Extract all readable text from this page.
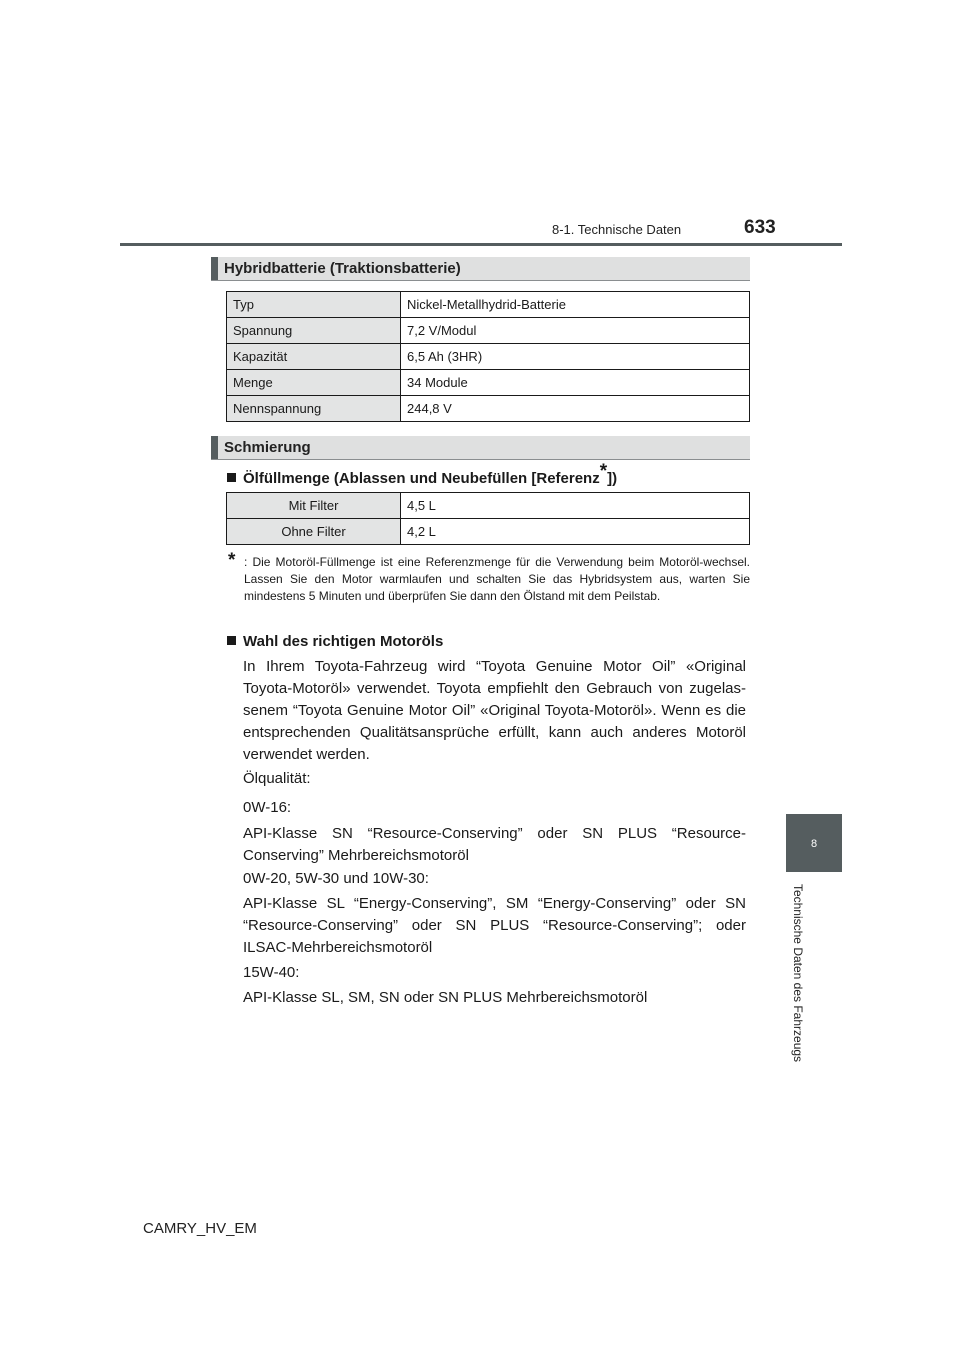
8-1. Technische Daten	633
8
Technische Daten des Fahrzeugs
Hybridbatterie (Traktionsbatterie)
Typ	Nickel-Metallhydrid-Batterie
Spannung	7,2 V/Modul
Kapazität	6,5 Ah (3HR)
Menge	34 Module
Nennspannung	244,8 V
Schmierung
Ölfüllmenge (Ablassen und Neubefüllen [Referenz*])
Mit Filter	4,5 L
Ohne Filter	4,2 L
* : Die Motoröl-Füllmenge ist eine Referenzmenge für die Verwendung beim Motoröl-wechsel. Lassen Sie den Motor warmlaufen und schalten Sie das Hybridsystem aus, warten Sie mindestens 5 Minuten und überprüfen Sie dann den Ölstand mit dem Peilstab.
Wahl des richtigen Motoröls
In Ihrem Toyota-Fahrzeug wird “Toyota Genuine Motor Oil” «Original Toyota-Motoröl» verwendet. Toyota empfiehlt den Gebrauch von zugelas-senem “Toyota Genuine Motor Oil” «Original Toyota-Motoröl». Wenn es die entsprechenden Qualitätsansprüche erfüllt, kann auch anderes Motoröl verwendet werden.
Ölqualität:
0W-16:
API-Klasse SN “Resource-Conserving” oder SN PLUS “Resource-Conserving” Mehrbereichsmotoröl
0W-20, 5W-30 und 10W-30:
API-Klasse SL “Energy-Conserving”, SM “Energy-Conserving” oder SN “Resource-Conserving” oder SN PLUS “Resource-Conserving”; oder ILSAC-Mehrbereichsmotoröl
15W-40:
API-Klasse SL, SM, SN oder SN PLUS Mehrbereichsmotoröl
CAMRY_HV_EM
